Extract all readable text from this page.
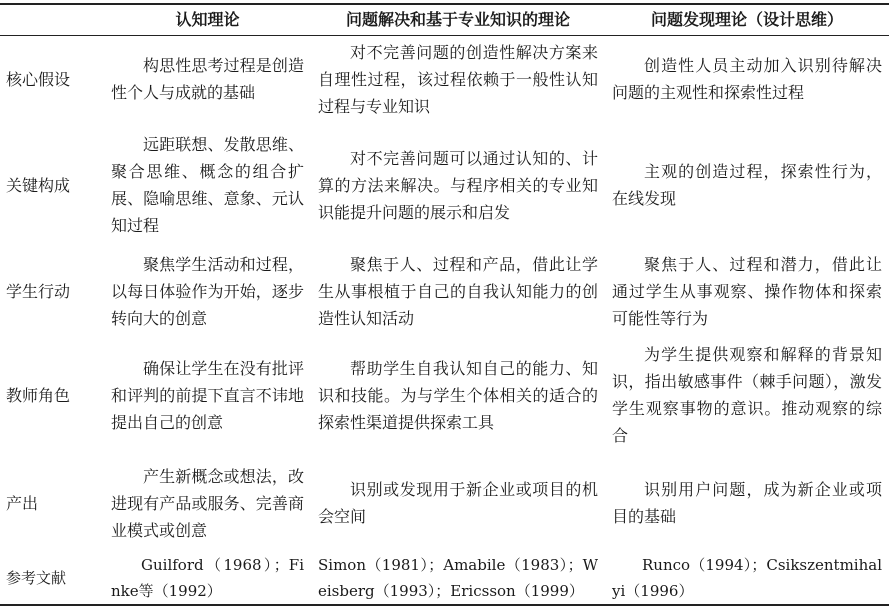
	认知理论	问题解决和基于专业知识的理论	问题发现理论（设计思维）
核心假设	构思性思考过程是创造性个人与成就的基础	对不完善问题的创造性解决方案来自理性过程，该过程依赖于一般性认知过程与专业知识	创造性人员主动加入识别待解决问题的主观性和探索性过程

关键构成	远距联想、发散思维、聚合思维、概念的组合扩展、隐喻思维、意象、元认知过程	对不完善问题可以通过认知的、计算的方法来解决。与程序相关的专业知识能提升问题的展示和启发	主观的创造过程，探索性行为，在线发现

学生行动	聚焦学生活动和过程，以每日体验作为开始，逐步转向大的创意	聚焦于人、过程和产品，借此让学生从事根植于自己的自我认知能力的创造性认知活动	聚焦于人、过程和潜力，借此让通过学生从事观察、操作物体和探索可能性等行为

教师角色	确保让学生在没有批评和评判的前提下直言不讳地提出自己的创意	帮助学生自我认知自己的能力、知识和技能。为与学生个体相关的适合的探索性渠道提供探索工具	为学生提供观察和解释的背景知识，指出敏感事件（棘手问题），激发学生观察事物的意识。推动观察的综合

产出	产生新概念或想法，改进现有产品或服务、完善商业模式或创意	识别或发现用于新企业或项目的机会空间	识别用户问题，成为新企业或项目的基础

参考文献	Guilford（1968）；Finke等（1992）	Simon（1981）；Amabile（1983）；Weisberg（1993）；Ericsson（1999）	Runco（1994）；Csikszentmihalyi（1996）
